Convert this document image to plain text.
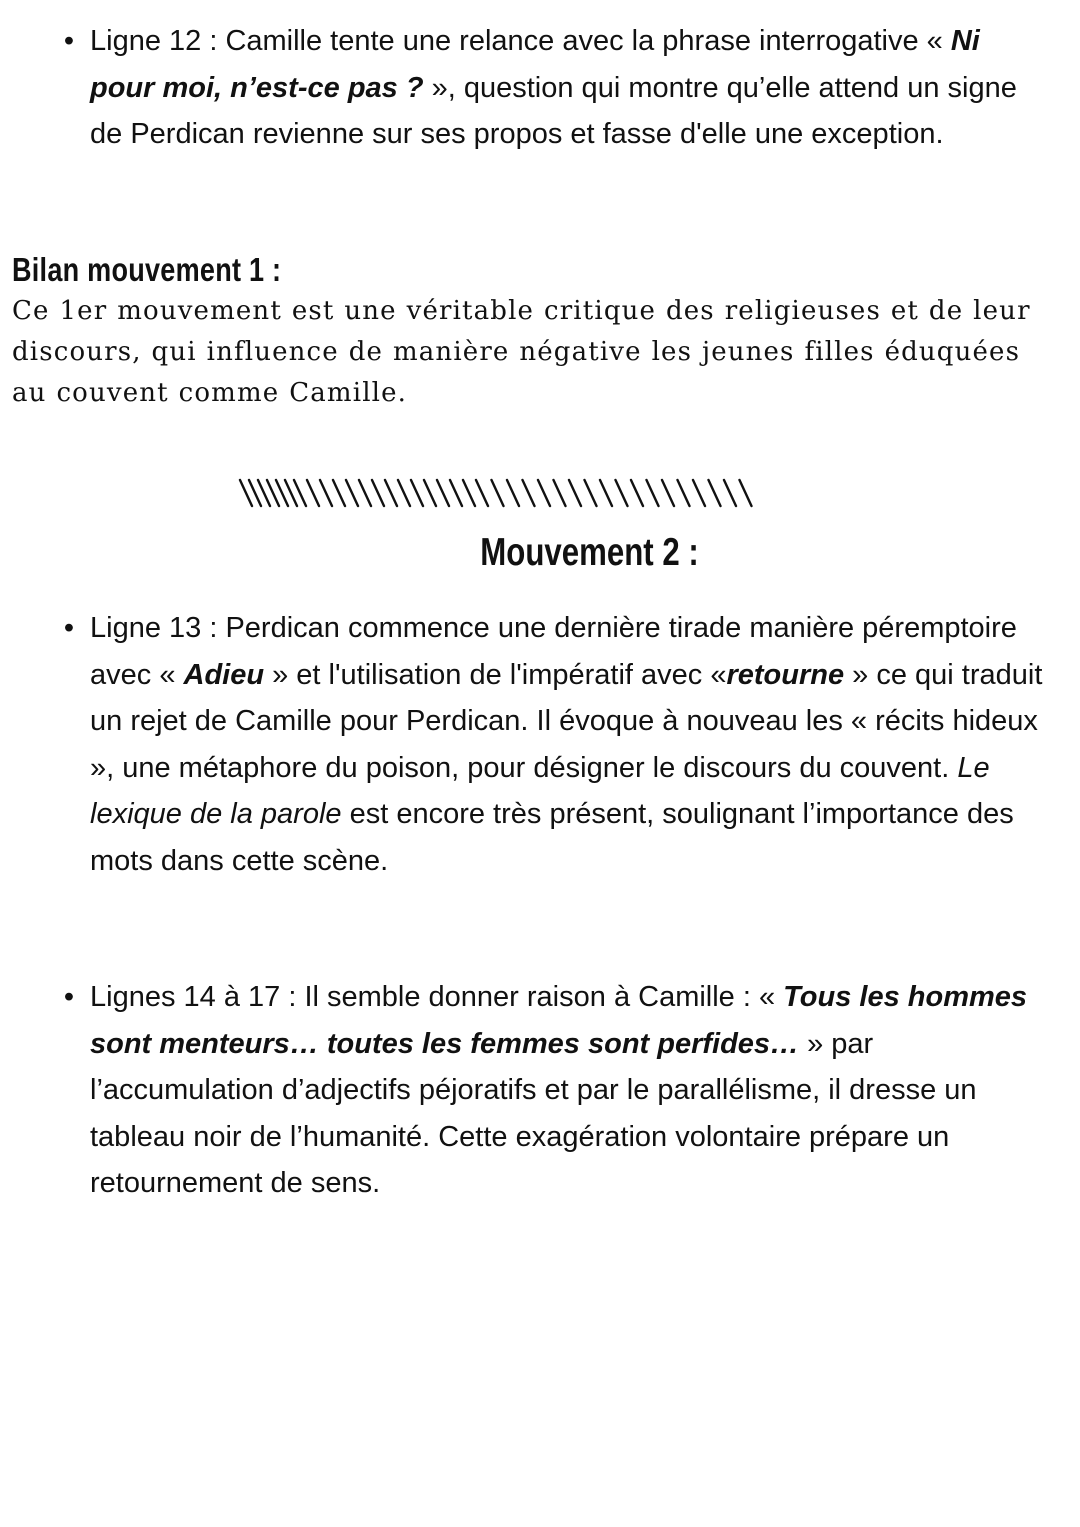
• Ligne 12 : Camille tente une relance avec la phrase interrogative « Ni pour moi, n’est-ce pas ? », question qui montre qu’elle attend un signe de Perdican revienne sur ses propos et fasse d'elle une exception.
Bilan mouvement 1 :
Ce 1er mouvement est une véritable critique des religieuses et de leur discours, qui influence de manière négative les jeunes filles éduquées au couvent comme Camille.
Mouvement 2 :
• Ligne 13 : Perdican commence une dernière tirade manière péremptoire avec « Adieu » et l'utilisation de l'impératif avec «retourne » ce qui traduit un rejet de Camille pour Perdican. Il évoque à nouveau les « récits hideux », une métaphore du poison, pour désigner le discours du couvent. Le lexique de la parole est encore très présent, soulignant l’importance des mots dans cette scène.
• Lignes 14 à 17 : Il semble donner raison à Camille : « Tous les hommes sont menteurs… toutes les femmes sont perfides… » par l’accumulation d’adjectifs péjoratifs et par le parallélisme, il dresse un tableau noir de l’humanité. Cette exagération volontaire prépare un retournement de sens.
